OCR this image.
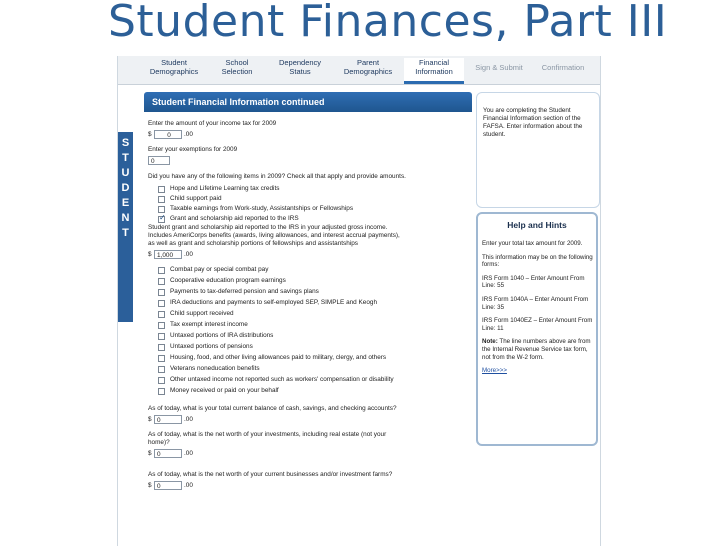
Student Finances, Part III
Student Demographics
School Selection
Dependency Status
Parent Demographics
Financial Information	Sign & Submit	Confirmation
S
T
U
D
E
N
T
Student Financial Information continued
Enter the amount of your income tax for 2009
$	0	.00
Enter your exemptions for 2009
0
Did you have any of the following items in 2009? Check all that apply and provide amounts.
Hope and Lifetime Learning tax credits
Child support paid
Taxable earnings from Work-study, Assistantships or Fellowships
✓
Grant and scholarship aid reported to the IRS
Student grant and scholarship aid reported to the IRS in your adjusted gross income.
Includes AmeriCorps benefits (awards, living allowances, and interest accrual payments),
as well as grant and scholarship portions of fellowships and assistantships
$ 1,000	.00
Combat pay or special combat pay
Cooperative education program earnings
Payments to tax-deferred pension and savings plans
IRA deductions and payments to self-employed SEP, SIMPLE and Keogh
Child support received
Tax exempt interest income
Untaxed portions of IRA distributions
Untaxed portions of pensions
Housing, food, and other living allowances paid to military, clergy, and others
Veterans noneducation benefits
Other untaxed income not reported such as workers' compensation or disability
Money received or paid on your behalf
As of today, what is your total current balance of cash, savings, and checking accounts?
$ 0	.00
As of today, what is the net worth of your investments, including real estate (not your
home)?
$ 0	.00
As of today, what is the net worth of your current businesses and/or investment farms?
$ 0	.00
You are completing the Student Financial Information section of the FAFSA. Enter information about the student.
Help and Hints

Enter your total tax amount for 2009.

This information may be on the following forms:

IRS Form 1040 – Enter Amount From Line: 55

IRS Form 1040A – Enter Amount From Line: 35

IRS Form 1040EZ – Enter Amount From Line: 11

Note: The line numbers above are from the Internal Revenue Service tax form, not from the W-2 form.

More>>>
